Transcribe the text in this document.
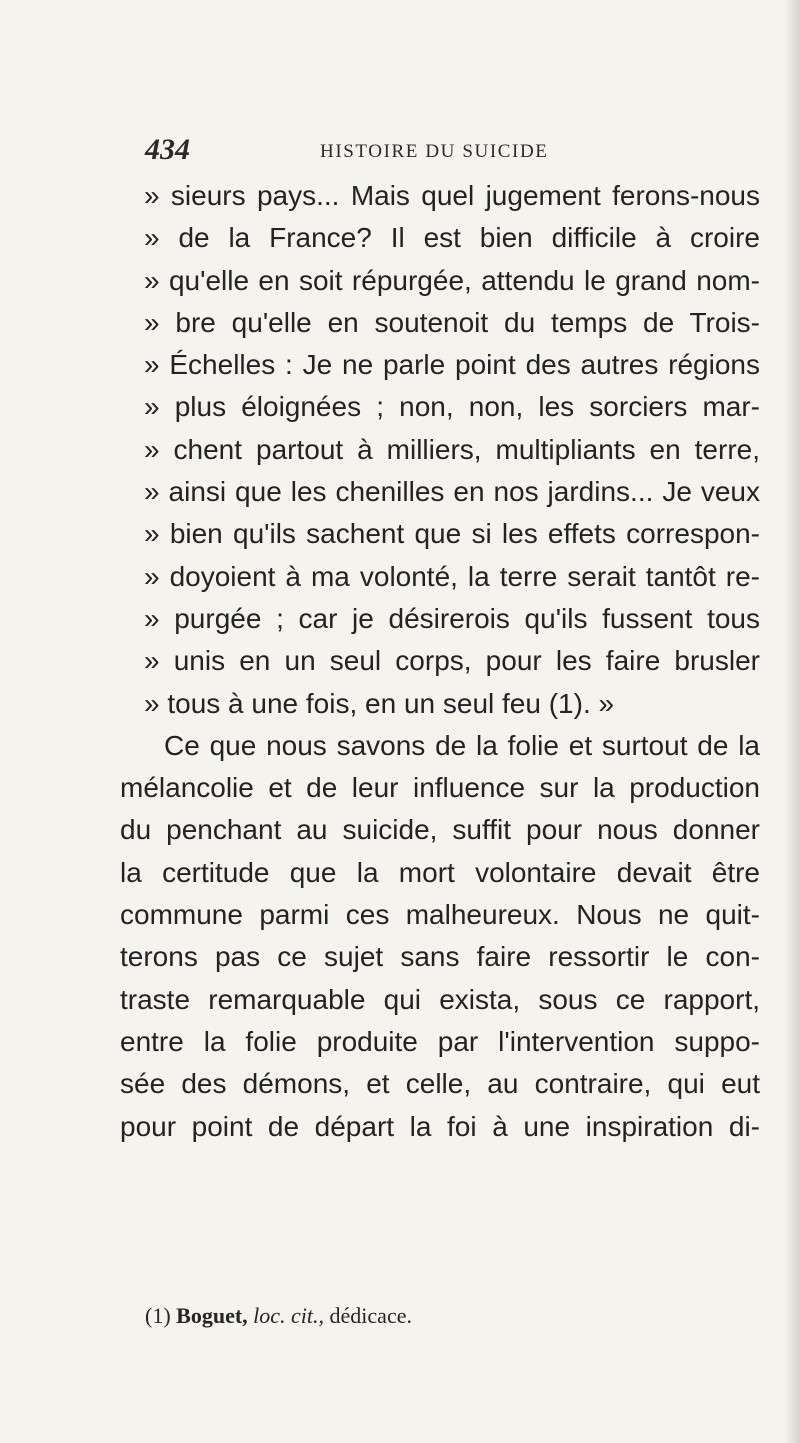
434	HISTOIRE DU SUICIDE
» sieurs pays... Mais quel jugement ferons-nous
» de la France? Il est bien difficile à croire
» qu'elle en soit répurgée, attendu le grand nom-
» bre qu'elle en soutenoit du temps de Trois-
» Échelles : Je ne parle point des autres régions
» plus éloignées ; non, non, les sorciers mar-
» chent partout à milliers, multipliants en terre,
» ainsi que les chenilles en nos jardins... Je veux
» bien qu'ils sachent que si les effets correspon-
» doyoient à ma volonté, la terre serait tantôt re-
» purgée ; car je désirerois qu'ils fussent tous
» unis en un seul corps, pour les faire brusler
» tous à une fois, en un seul feu (1). »
Ce que nous savons de la folie et surtout de la
mélancolie et de leur influence sur la production
du penchant au suicide, suffit pour nous donner
la certitude que la mort volontaire devait être
commune parmi ces malheureux. Nous ne quit-
terons pas ce sujet sans faire ressortir le con-
traste remarquable qui exista, sous ce rapport,
entre la folie produite par l'intervention suppo-
sée des démons, et celle, au contraire, qui eut
pour point de départ la foi à une inspiration di-
(1) Boguet, loc. cit., dédicace.
